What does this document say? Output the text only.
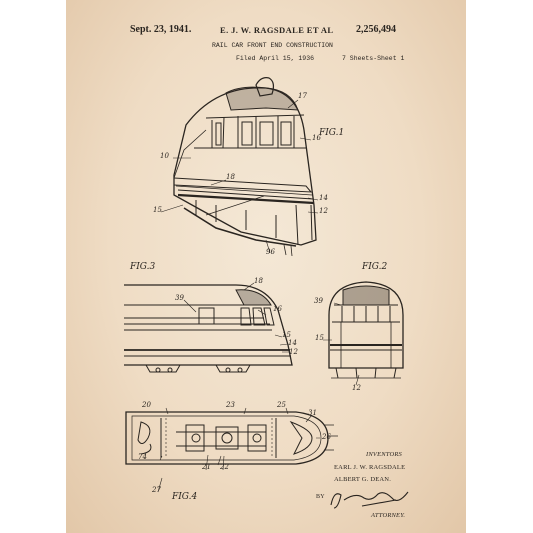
Sept. 23, 1941.	E. J. W. RAGSDALE ET AL 2,256,494
RAIL CAR FRONT END CONSTRUCTION
Filed April 15, 1936	7 Sheets-Sheet 1
FIG.1
FIG.2
FIG.3
FIG.4
17
16
10
18
15
14
12
96
39
15
12
18
39
16
15
14
12
20	23	25
31
26
74
21 22
27
INVENTORS
EARL J. W. RAGSDALE
ALBERT G. DEAN.
BY
ATTORNEY.
